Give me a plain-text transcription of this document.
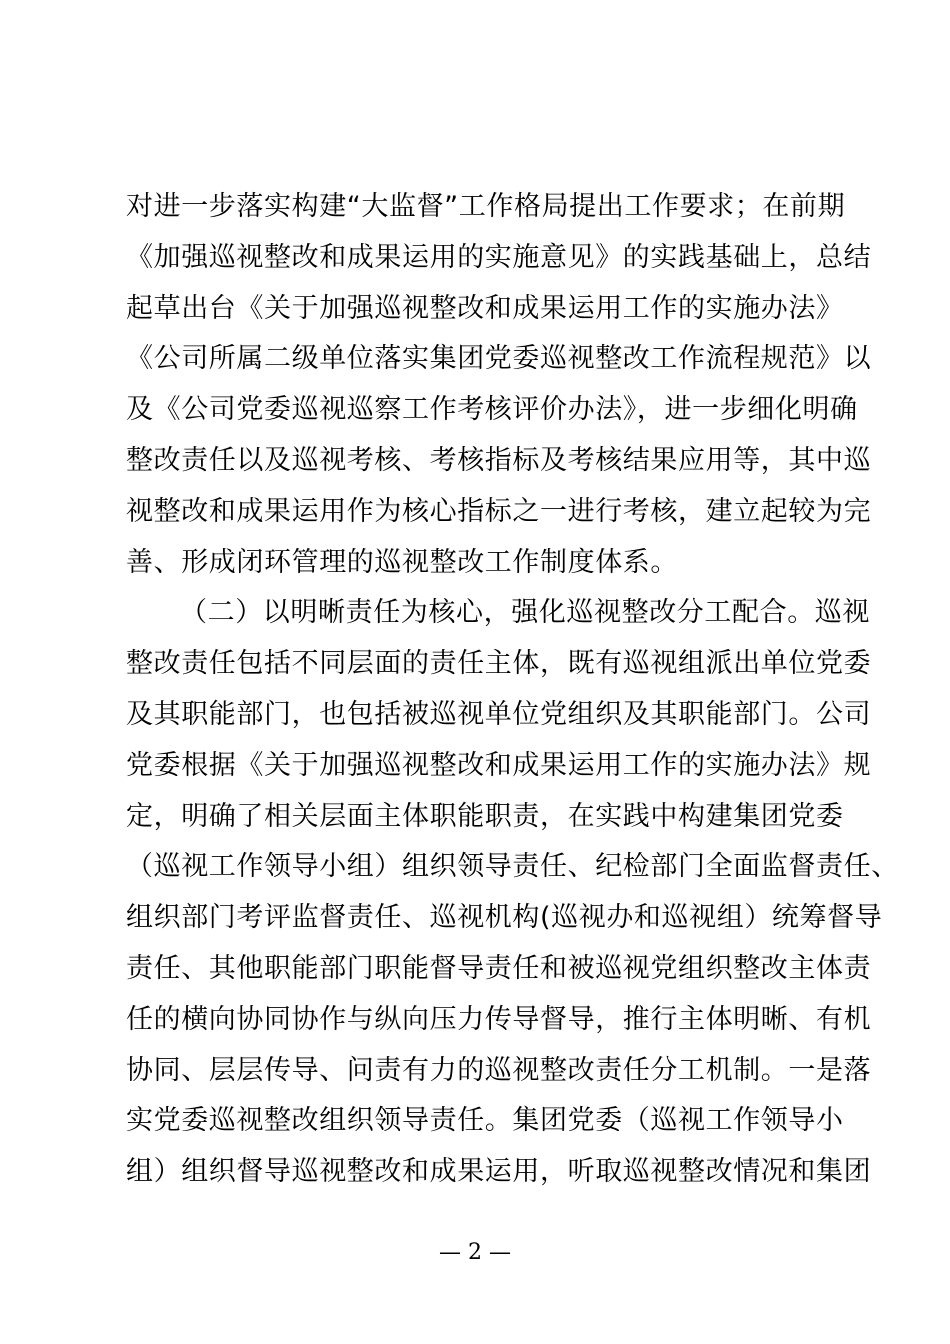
对进一步落实构建“大监督”工作格局提出工作要求；在前期
《加强巡视整改和成果运用的实施意见》的实践基础上，总结
起草出台《关于加强巡视整改和成果运用工作的实施办法》
《公司所属二级单位落实集团党委巡视整改工作流程规范》以
及《公司党委巡视巡察工作考核评价办法》，进一步细化明确
整改责任以及巡视考核、考核指标及考核结果应用等，其中巡
视整改和成果运用作为核心指标之一进行考核，建立起较为完
善、形成闭环管理的巡视整改工作制度体系。
（二）以明晰责任为核心，强化巡视整改分工配合。巡视
整改责任包括不同层面的责任主体，既有巡视组派出单位党委
及其职能部门，也包括被巡视单位党组织及其职能部门。公司
党委根据《关于加强巡视整改和成果运用工作的实施办法》规
定，明确了相关层面主体职能职责，在实践中构建集团党委
（巡视工作领导小组）组织领导责任、纪检部门全面监督责任、
组织部门考评监督责任、巡视机构(巡视办和巡视组）统筹督导
责任、其他职能部门职能督导责任和被巡视党组织整改主体责
任的横向协同协作与纵向压力传导督导，推行主体明晰、有机
协同、层层传导、问责有力的巡视整改责任分工机制。一是落
实党委巡视整改组织领导责任。集团党委（巡视工作领导小
组）组织督导巡视整改和成果运用，听取巡视整改情况和集团
— 2 —
